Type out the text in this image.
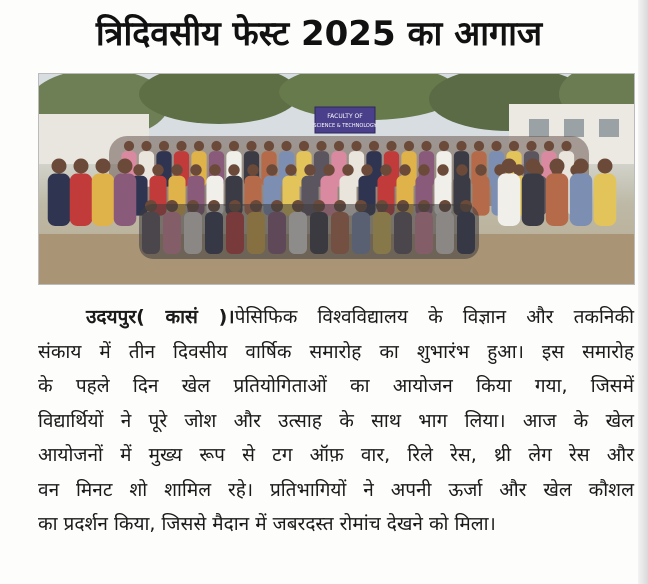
त्रिदिवसीय फेस्ट 2025 का आगाज
FACULTY OF
SCIENCE & TECHNOLOGY
उदयपुर( कासं )।पेसिफिक विश्वविद्यालय के विज्ञान और तकनिकी
संकाय में तीन दिवसीय वार्षिक समारोह का शुभारंभ हुआ। इस समारोह
के पहले दिन खेल प्रतियोगिताओं का आयोजन किया गया, जिसमें
विद्यार्थियों ने पूरे जोश और उत्साह के साथ भाग लिया। आज के खेल
आयोजनों में मुख्य रूप से टग ऑफ़ वार, रिले रेस, थ्री लेग रेस और
वन मिनट शो शामिल रहे। प्रतिभागियों ने अपनी ऊर्जा और खेल कौशल
का प्रदर्शन किया, जिससे मैदान में जबरदस्त रोमांच देखने को मिला।
